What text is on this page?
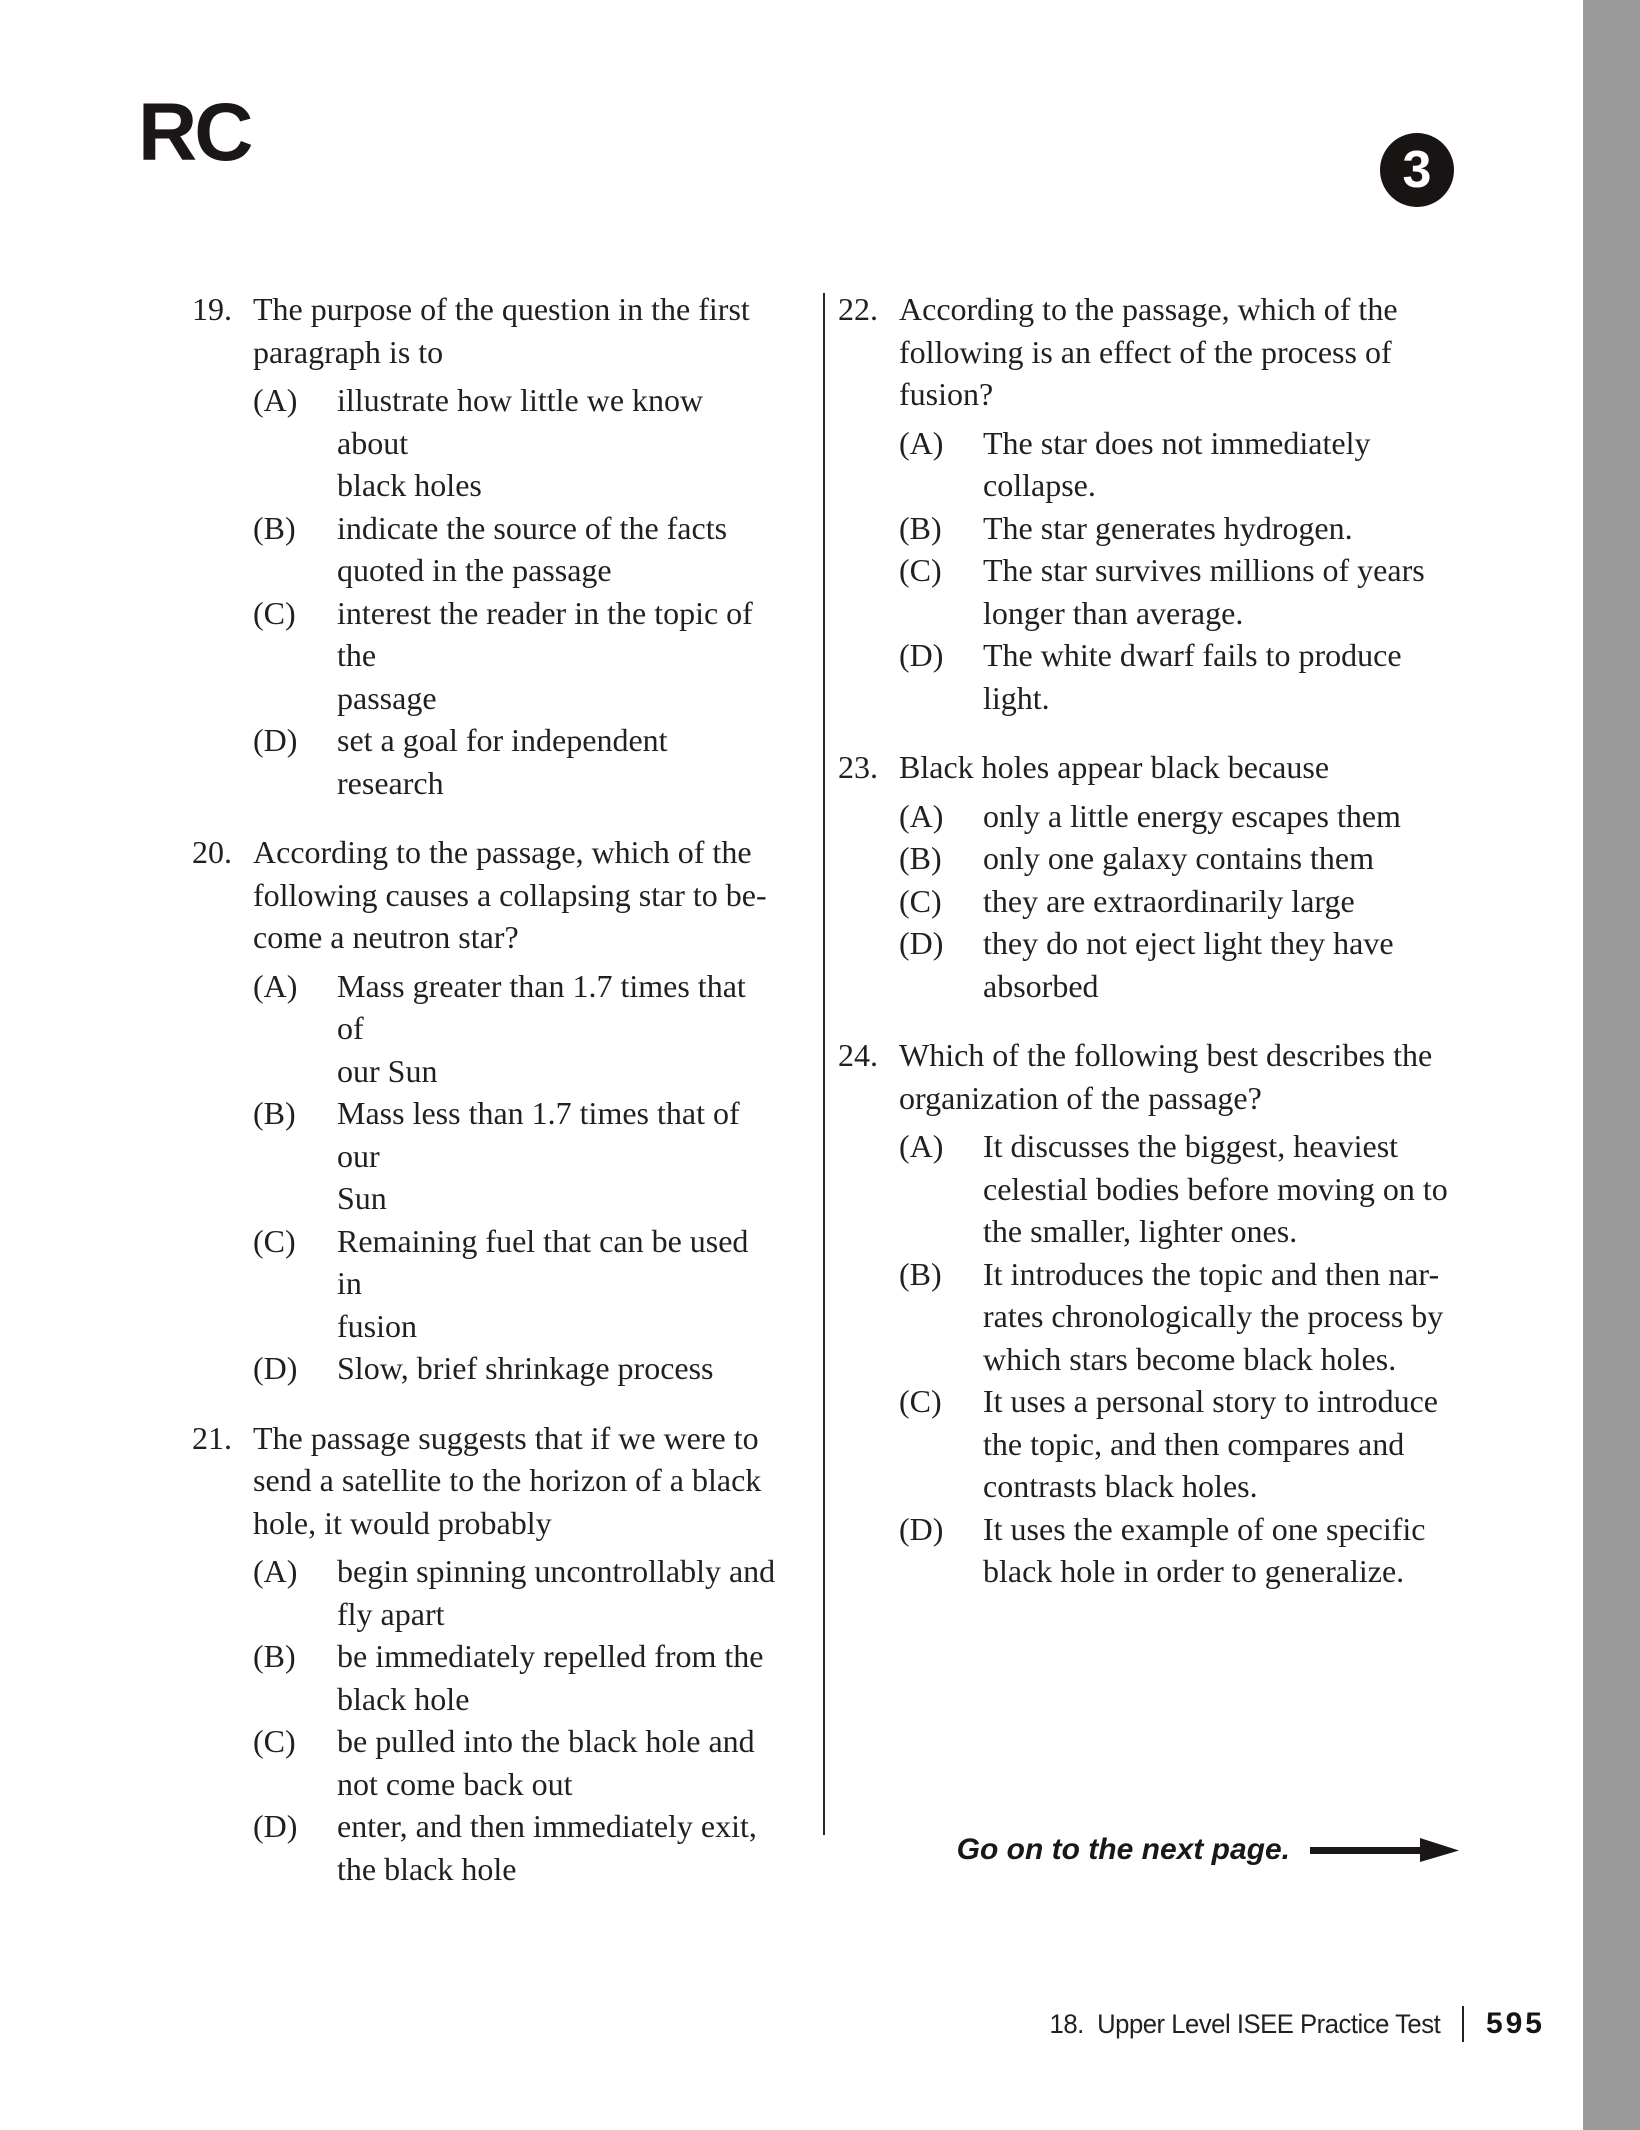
RC	3
19. The purpose of the question in the first
paragraph is to
(A)	illustrate how little we know about
black holes
(B)	indicate the source of the facts
quoted in the passage
(C)	interest the reader in the topic of the
passage
(D)	set a goal for independent research
20. According to the passage, which of the
following causes a collapsing star to be-
come a neutron star?
(A)	Mass greater than 1.7 times that of
our Sun
(B)	Mass less than 1.7 times that of our
Sun
(C)	Remaining fuel that can be used in
fusion
(D)	Slow, brief shrinkage process
21. The passage suggests that if we were to
send a satellite to the horizon of a black
hole, it would probably
(A)	begin spinning uncontrollably and
fly apart
(B)	be immediately repelled from the
black hole
(C)	be pulled into the black hole and
not come back out
(D)	enter, and then immediately exit,
the black hole
22. According to the passage, which of the
following is an effect of the process of
fusion?
(A)	The star does not immediately
collapse.
(B)	The star generates hydrogen.
(C)	The star survives millions of years
longer than average.
(D)	The white dwarf fails to produce
light.
23. Black holes appear black because
(A)	only a little energy escapes them
(B)	only one galaxy contains them
(C)	they are extraordinarily large
(D)	they do not eject light they have
absorbed
24. Which of the following best describes the
organization of the passage?
(A)	It discusses the biggest, heaviest
celestial bodies before moving on to
the smaller, lighter ones.
(B)	It introduces the topic and then nar-
rates chronologically the process by
which stars become black holes.
(C)	It uses a personal story to introduce
the topic, and then compares and
contrasts black holes.
(D)	It uses the example of one specific
black hole in order to generalize.
Go on to the next page.
18. Upper Level ISEE Practice Test 595
